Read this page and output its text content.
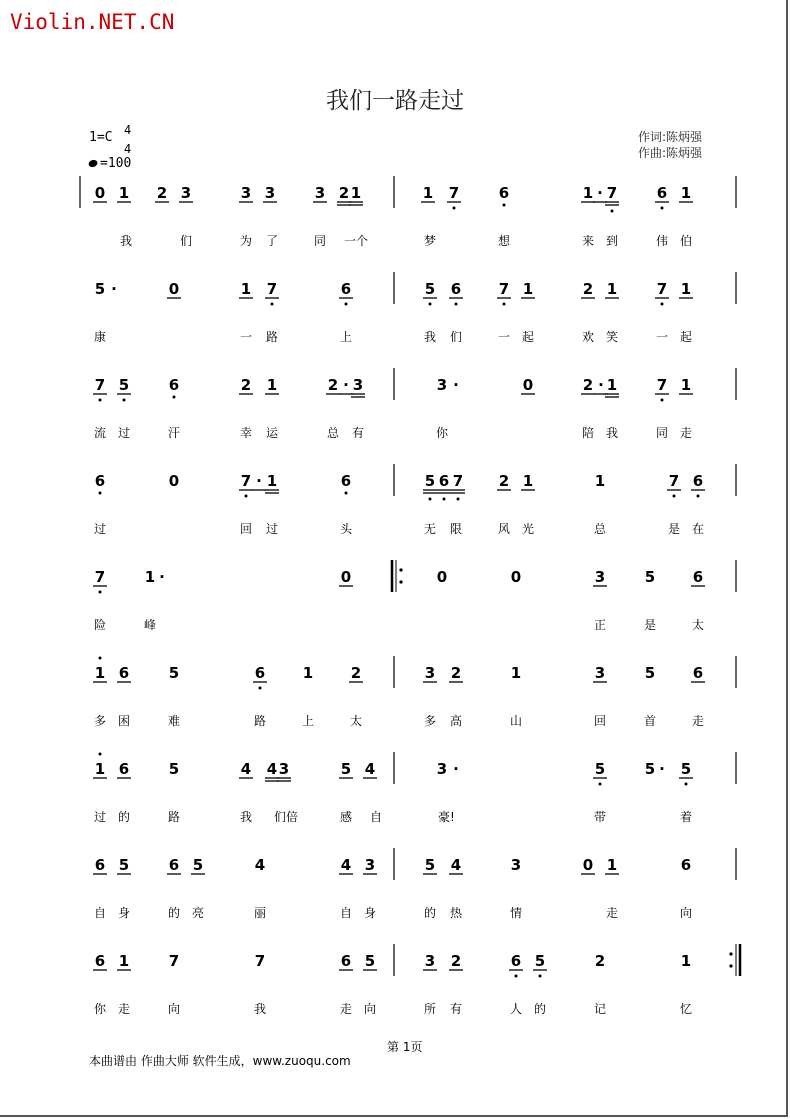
Violin.NET.CN
我们一路走过
1=C 4
4
=100
作词:陈炳强
作曲:陈炳强
0 1 2 3	3 3	3 2 1	1 7	6	1 · 7	6 1
5 ·	0	1 7	6	5 6	7 1	2 1	7 1
7 5	6	2 1	2 · 3	3 ·	0	2 · 1	7 1
6	0	7 · 1	6	5 6 7 2 1	1	7 6
7	1 ·	0	0	0	3	5	6
1 6	5	6	1	2	3 2	1	3	5	6
1 6	5	4 4 3	5 4	3 ·	5	5 · 5
6 5	6 5	4	4 3	5 4	3	0 1	6
6 1	7	7	6 5	3 2	6 5	2	1
我	们	为 了	同 一个	梦	想	来 到	伟 伯
康	一 路	上	我 们	一 起	欢 笑	一 起
流 过	汗	幸 运	总 有	你	陪 我	同 走
过	回 过	头	无 限	风 光	总	是 在
险	峰	正	是	太
多 困	难	路	上	太	多 高	山	回	首	走
过 的	路	我 们倍	感 自	豪!	带	着
自 身	的 亮	丽	自 身	的 热	情	走	向
你 走	向	我	走 向	所 有	人 的	记	忆
第 1页
本曲谱由 作曲大师 软件生成，www.zuoqu.com
